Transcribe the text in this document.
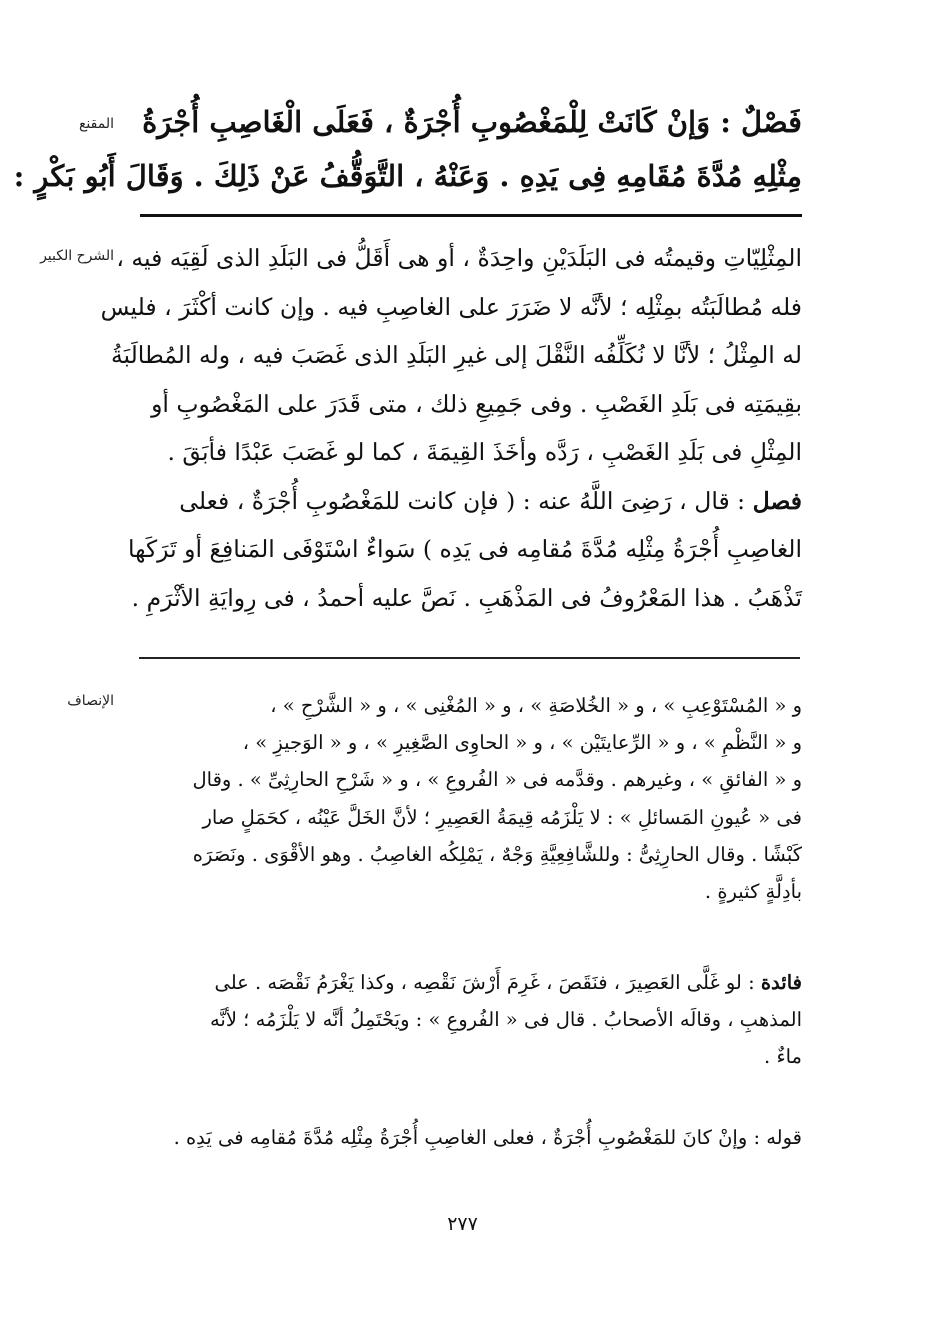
المقنع	فَصْلٌ : وَإنْ كَانَتْ لِلْمَغْصُوبِ أُجْرَةٌ ، فَعَلَى الْغَاصِبِ أُجْرَةُ
مِثْلِهِ مُدَّةَ مُقَامِهِ فِى يَدِهِ . وَعَنْهُ ، التَّوَقُّفُ عَنْ ذَلِكَ . وَقَالَ أَبُو بَكْرٍ :
الشرح الكبير المِثْلِيّاتِ وقيمتُه فى البَلَدَيْنِ واحِدَةٌ ، أو هى أَقَلُّ فى البَلَدِ الذى لَقِيَه فيه ،
فله مُطالَبَتُه بمِثْلِه ؛ لأنَّه لا ضَرَرَ على الغاصِبِ فيه . وإن كانت أكْثَرَ ، فليس
له المِثْلُ ؛ لأنَّا لا نُكَلِّفُه النَّقْلَ إلى غيرِ البَلَدِ الذى غَصَبَ فيه ، وله المُطالَبَةُ
بقِيمَتِه فى بَلَدِ الغَصْبِ . وفى جَمِيعِ ذلك ، متى قَدَرَ على المَغْصُوبِ أو
المِثْلِ فى بَلَدِ الغَصْبِ ، رَدَّه وأخَذَ القِيمَةَ ، كما لو غَصَبَ عَبْدًا فأبَقَ .
فصل : قال ، رَضِىَ اللَّهُ عنه : ( فإن كانت للمَغْصُوبِ أُجْرَةٌ ، فعلى
الغاصِبِ أُجْرَةُ مِثْلِه مُدَّةَ مُقامِه فى يَدِه ) سَواءٌ اسْتَوْفَى المَنافِعَ أو تَرَكَها
تَذْهَبُ . هذا المَعْرُوفُ فى المَذْهَبِ . نَصَّ عليه أحمدُ ، فى رِوايَةِ الأثْرَمِ .
الإنصاف	و « المُسْتَوْعِبِ » ، و « الخُلاصَةِ » ، و « المُغْنِى » ، و « الشَّرْحِ » ،
و « النَّظْمِ » ، و « الرِّعايتَيْن » ، و « الحاوِى الصَّغِيرِ » ، و « الوَجيزِ » ،
و « الفائقِ » ، وغيرهم . وقدَّمه فى « الفُروعِ » ، و « شَرْحِ الحارِثِىِّ » . وقال
فى « عُيونِ المَسائلِ » : لا يَلْزَمُه قِيمَةُ العَصِيرِ ؛ لأنَّ الخَلَّ عَيْنُه ، كحَمَلٍ صار
كَبْشًا . وقال الحارِثِىُّ : وللشَّافِعِيَّةِ وَجْهٌ ، يَمْلِكُه الغاصِبُ . وهو الأقْوَى . ونَصَرَه
بأدِلَّةٍ كثيرةٍ .
فائدة : لو غَلَّى العَصِيرَ ، فنَقَصَ ، غَرِمَ أَرْشَ نَقْصِه ، وكذا يَغْرَمُ نَقْصَه . على
المذهبِ ، وقالَه الأصحابُ . قال فى « الفُروعِ » : ويَحْتَمِلُ أنَّه لا يَلْزَمُه ؛ لأنَّه
ماءٌ .
قوله : وإنْ كانَ للمَغْصُوبِ أُجْرَةٌ ، فعلى الغاصِبِ أُجْرَةُ مِثْلِه مُدَّةَ مُقامِه فى يَدِه .
٢٧٧
